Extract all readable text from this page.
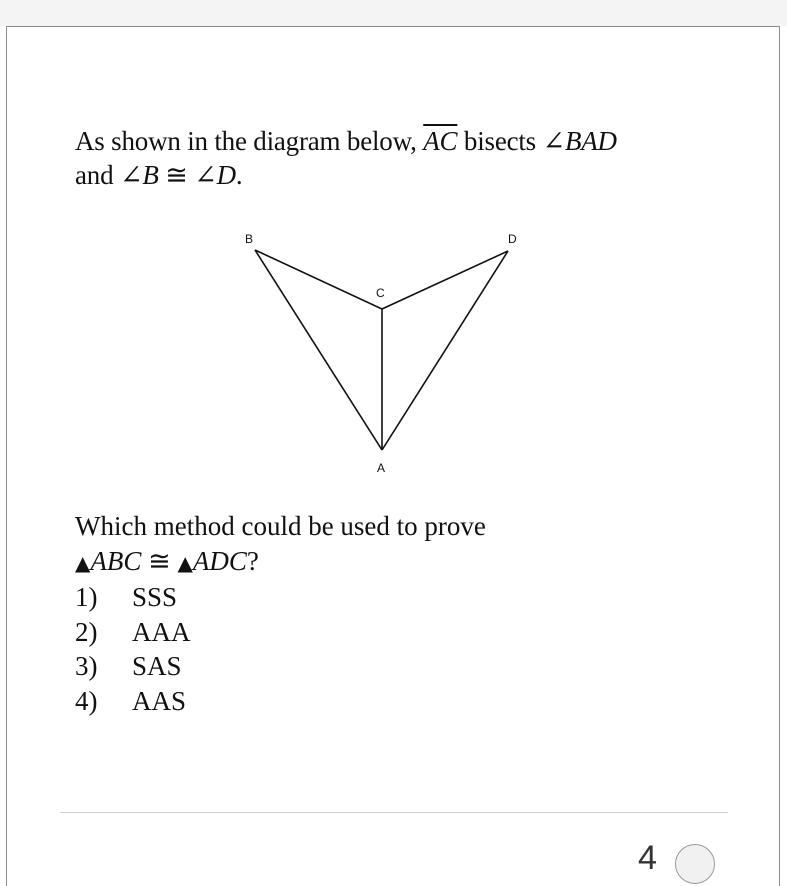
As shown in the diagram below, $\overline{AC}$ bisects ∠BAD
and ∠B ≅ ∠D.
B	D
C
A
Which method could be used to prove
▲ABC ≅ ▲ADC?
1)	SSS
2)	AAA
3)	SAS
4)	AAS
4
